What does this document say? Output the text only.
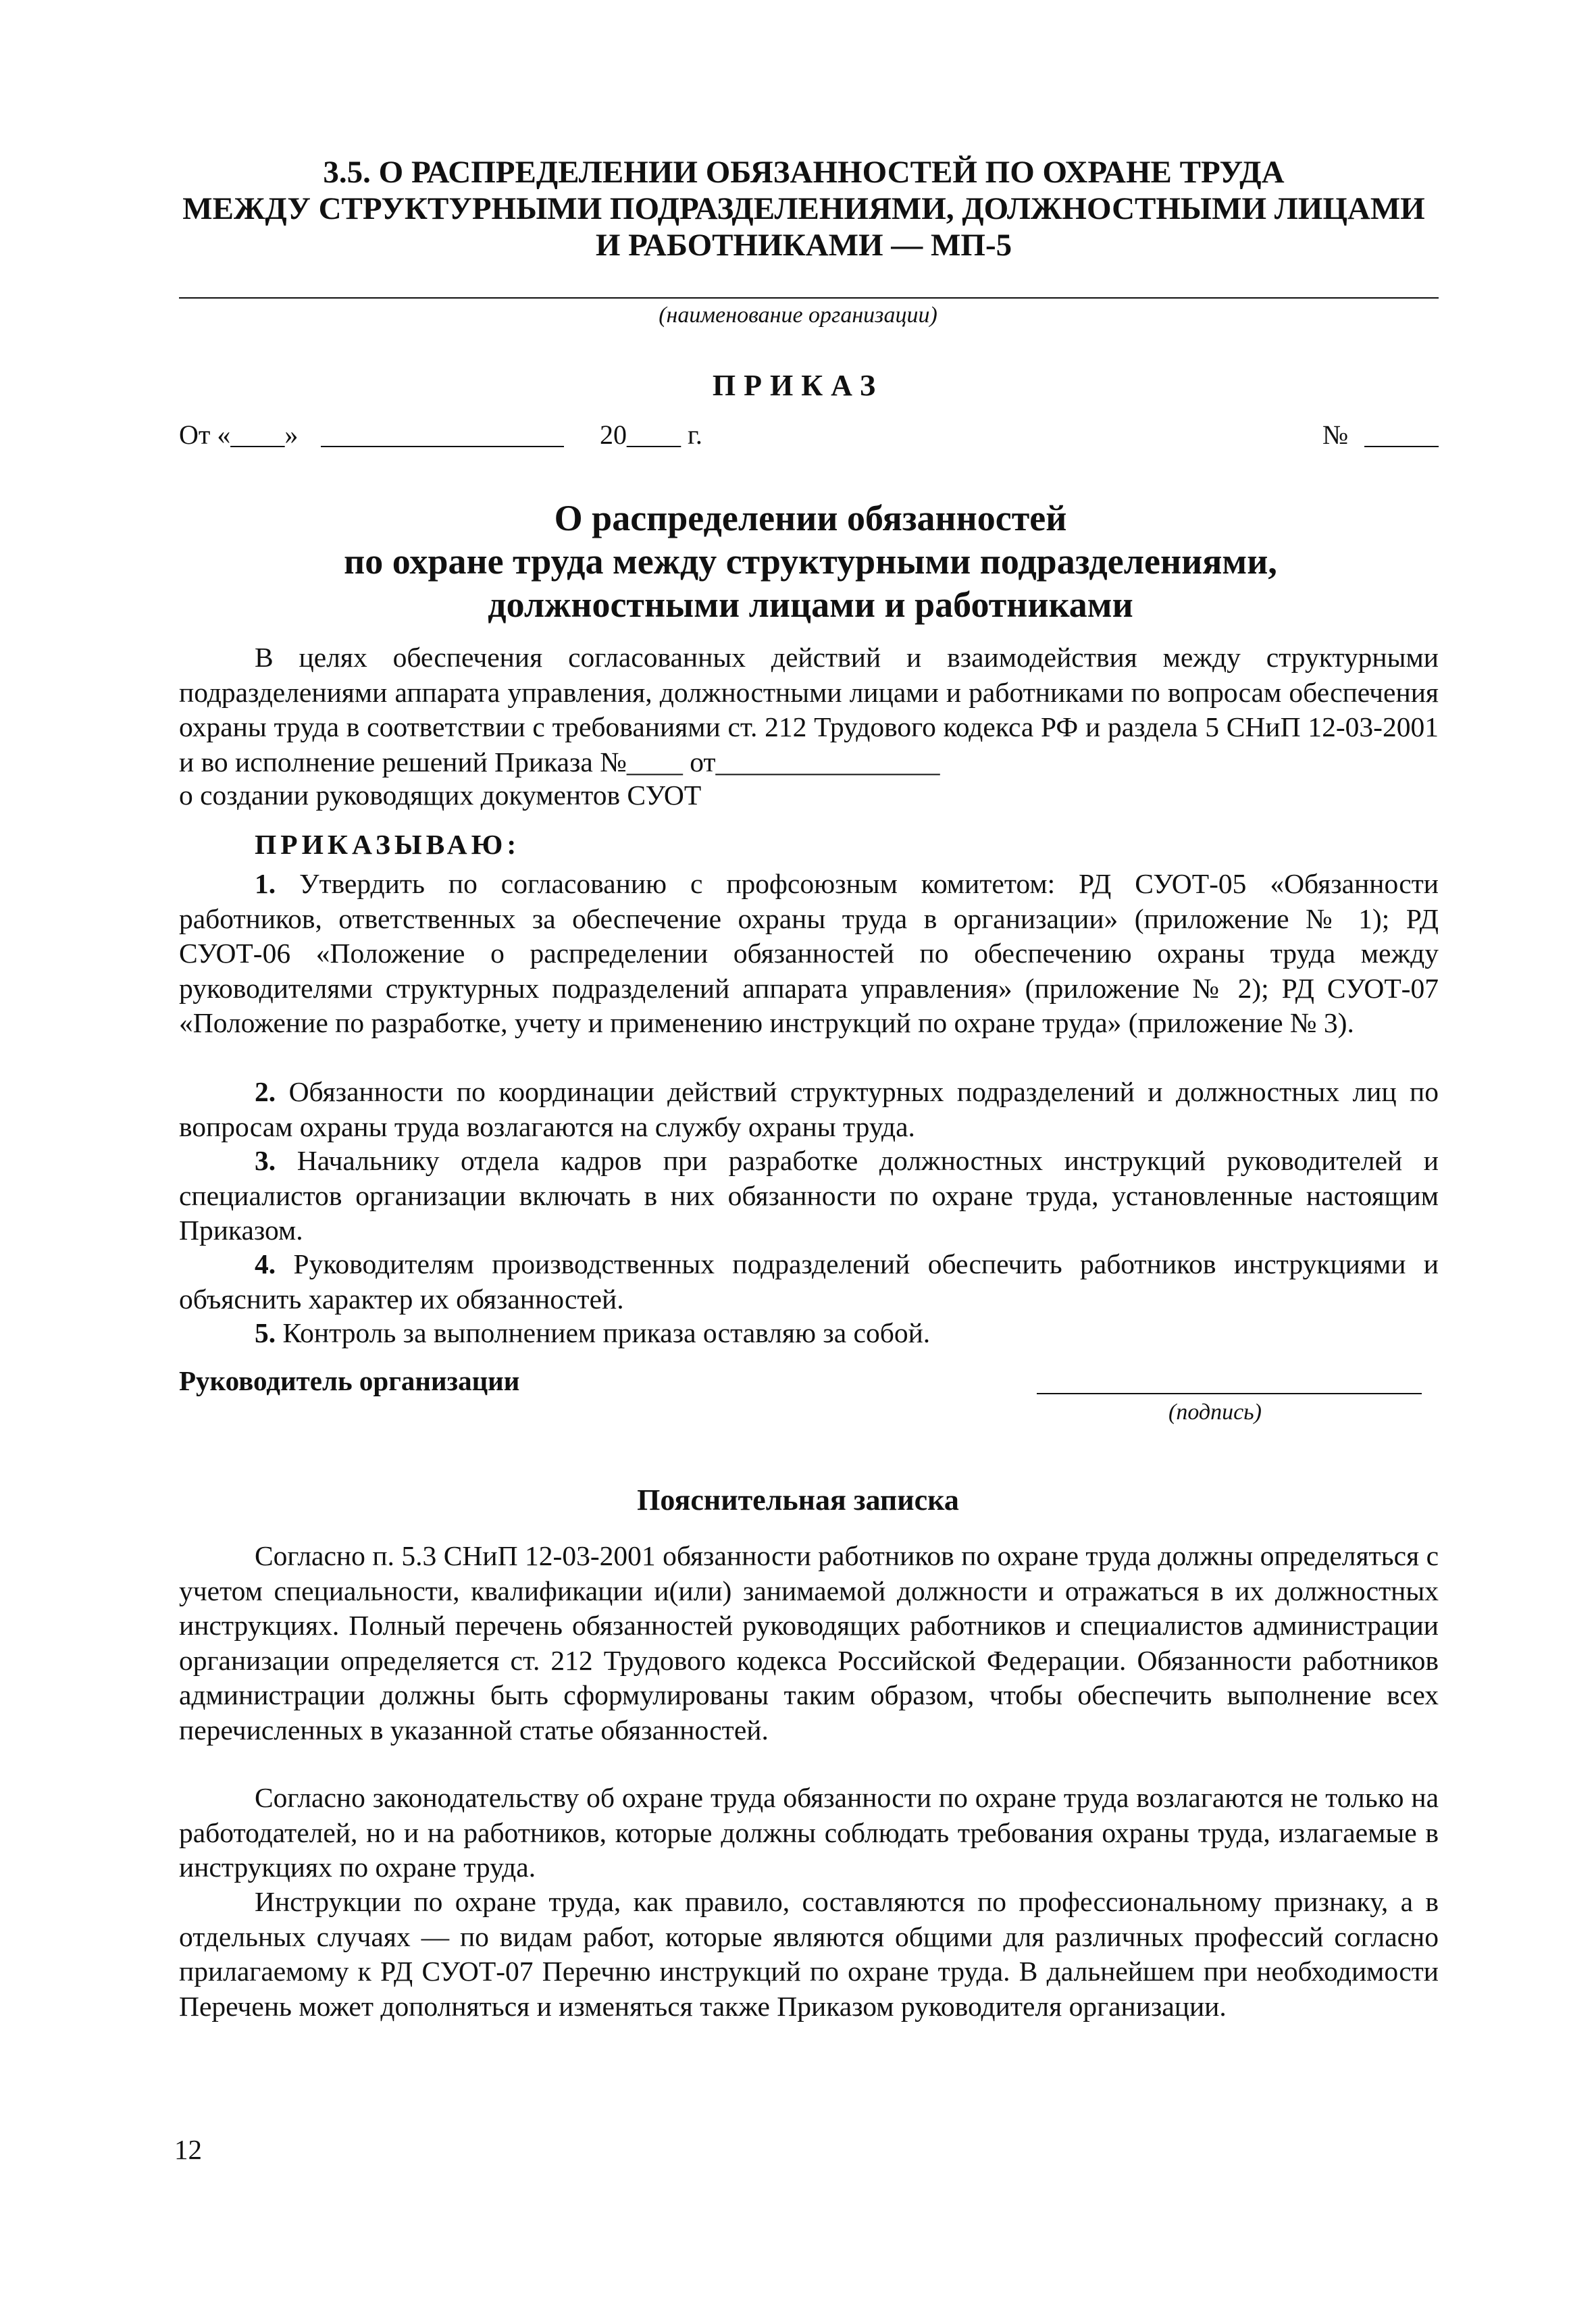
3.5. О РАСПРЕДЕЛЕНИИ ОБЯЗАННОСТЕЙ ПО ОХРАНЕ ТРУДА
МЕЖДУ СТРУКТУРНЫМИ ПОДРАЗДЕЛЕНИЯМИ, ДОЛЖНОСТНЫМИ ЛИЦАМИ
И РАБОТНИКАМИ — МП-5
(наименование организации)
ПРИКАЗ
От «____»	20____ г.	№
О распределении обязанностей
по охране труда между структурными подразделениями,
должностными лицами и работниками

В целях обеспечения согласованных действий и взаимодействия между структурными подразделениями аппарата управления, должностными лицами и работниками по вопросам обеспечения охраны труда в соответствии с требованиями ст. 212 Трудового кодекса РФ и раздела 5 СНиП 12-03-2001 и во исполнение решений Приказа №____ от________________

о создании руководящих документов СУОТ
ПРИКАЗЫВАЮ:

1. Утвердить по согласованию с профсоюзным комитетом: РД СУОТ-05 «Обязанности работников, ответственных за обеспечение охраны труда в организации» (приложение № 1); РД СУОТ-06 «Положение о распределении обязанностей по обеспечению охраны труда между руководителями структурных подразделений аппарата управления» (приложение № 2); РД СУОТ-07 «Положение по разработке, учету и применению инструкций по охране труда» (приложение № 3).

2. Обязанности по координации действий структурных подразделений и должностных лиц по вопросам охраны труда возлагаются на службу охраны труда.

3. Начальнику отдела кадров при разработке должностных инструкций руководителей и специалистов организации включать в них обязанности по охране труда, установленные настоящим Приказом.

4. Руководителям производственных подразделений обеспечить работников инструкциями и объяснить характер их обязанностей.

5. Контроль за выполнением приказа оставляю за собой.

Руководитель организации
(подпись)
Пояснительная записка

Согласно п. 5.3 СНиП 12-03-2001 обязанности работников по охране труда должны определяться с учетом специальности, квалификации и(или) занимаемой должности и отражаться в их должностных инструкциях. Полный перечень обязанностей руководящих работников и специалистов администрации организации определяется ст. 212 Трудового кодекса Российской Федерации. Обязанности работников администрации должны быть сформулированы таким образом, чтобы обеспечить выполнение всех перечисленных в указанной статье обязанностей.

Согласно законодательству об охране труда обязанности по охране труда возлагаются не только на работодателей, но и на работников, которые должны соблюдать требования охраны труда, излагаемые в инструкциях по охране труда.

Инструкции по охране труда, как правило, составляются по профессиональному признаку, а в отдельных случаях — по видам работ, которые являются общими для различных профессий согласно прилагаемому к РД СУОТ-07 Перечню инструкций по охране труда. В дальнейшем при необходимости Перечень может дополняться и изменяться также Приказом руководителя организации.

12
